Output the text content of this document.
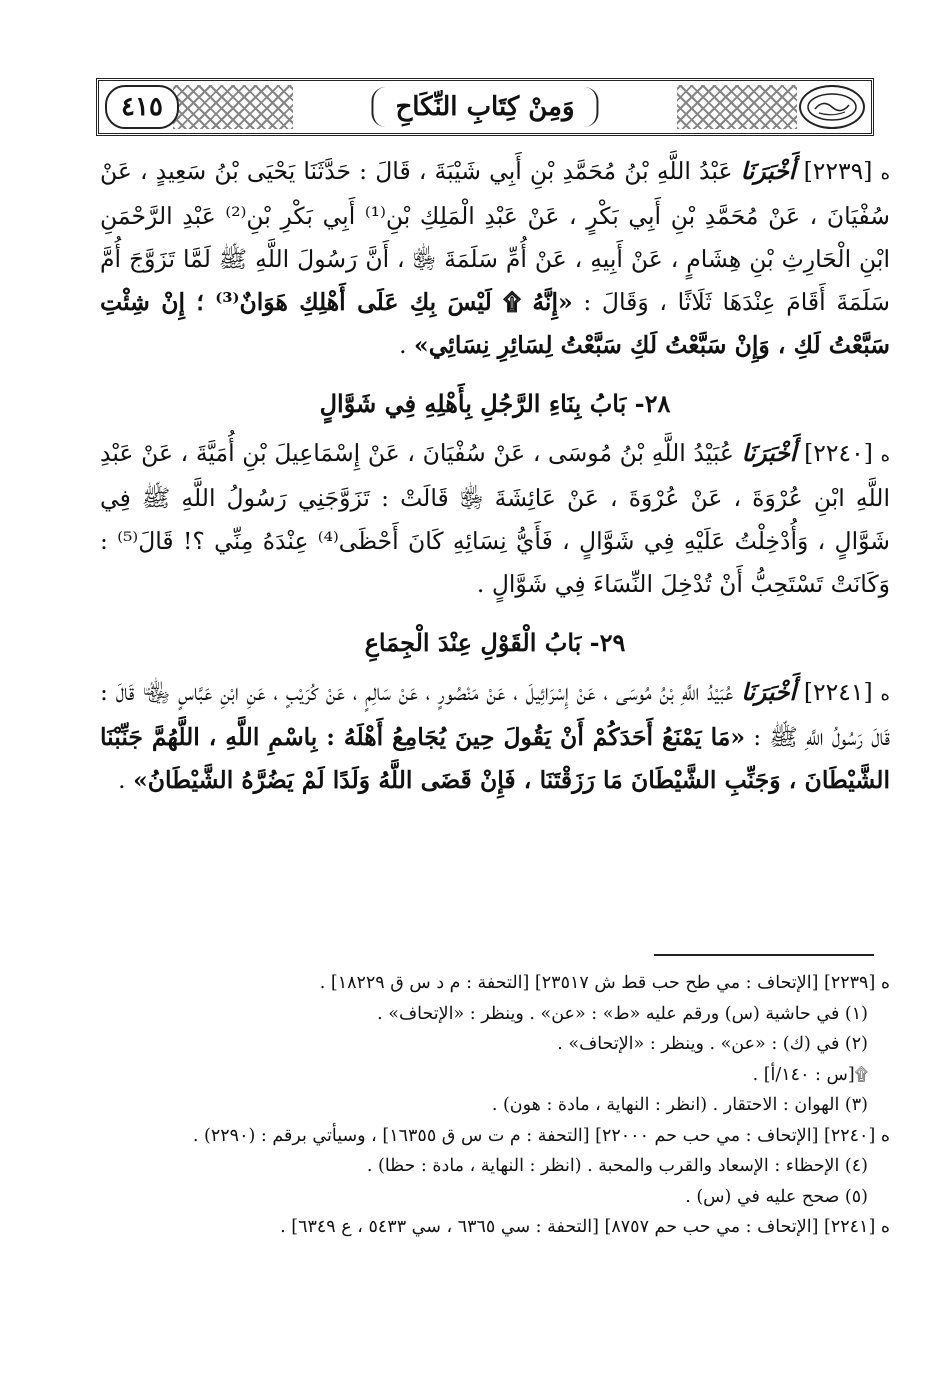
٤١٥	وَمِنْ كِتَابِ النِّكَاحِ

ه [٢٢٣٩] أَخْبَرَنَا عَبْدُ اللَّهِ بْنُ مُحَمَّدِ بْنِ أَبِي شَيْبَةَ ، قَالَ : حَدَّثَنَا يَحْيَى بْنُ سَعِيدٍ ، عَنْ سُفْيَانَ ، عَنْ مُحَمَّدِ بْنِ أَبِي بَكْرٍ ، عَنْ عَبْدِ الْمَلِكِ بْنِ⁽¹⁾ أَبِي بَكْرِ بْنِ⁽²⁾ عَبْدِ الرَّحْمَنِ ابْنِ الْحَارِثِ بْنِ هِشَامٍ ، عَنْ أَبِيهِ ، عَنْ أُمِّ سَلَمَةَ ﵂ ، أَنَّ رَسُولَ اللَّهِ ﷺ لَمَّا تَزَوَّجَ أُمَّ سَلَمَةَ أَقَامَ عِنْدَهَا ثَلَاثًا ، وَقَالَ : «إِنَّهُ ۩ لَيْسَ بِكِ عَلَى أَهْلِكِ هَوَانٌ⁽³⁾ ؛ إِنْ شِئْتِ سَبَّعْتُ لَكِ ، وَإِنْ سَبَّعْتُ لَكِ سَبَّعْتُ لِسَائِرِ نِسَائِي» .

٢٨- بَابُ بِنَاءِ الرَّجُلِ بِأَهْلِهِ فِي شَوَّالٍ

ه [٢٢٤٠] أَخْبَرَنَا عُبَيْدُ اللَّهِ بْنُ مُوسَى ، عَنْ سُفْيَانَ ، عَنْ إِسْمَاعِيلَ بْنِ أُمَيَّةَ ، عَنْ عَبْدِ اللَّهِ ابْنِ عُرْوَةَ ، عَنْ عُرْوَةَ ، عَنْ عَائِشَةَ ﵂ قَالَتْ : تَزَوَّجَنِي رَسُولُ اللَّهِ ﷺ فِي شَوَّالٍ ، وَأُدْخِلْتُ عَلَيْهِ فِي شَوَّالٍ ، فَأَيُّ نِسَائِهِ كَانَ أَحْظَى⁽⁴⁾ عِنْدَهُ مِنِّي ؟! قَالَ⁽⁵⁾ : وَكَانَتْ تَسْتَحِبُّ أَنْ تُدْخِلَ النِّسَاءَ فِي شَوَّالٍ .

٢٩- بَابُ الْقَوْلِ عِنْدَ الْجِمَاعِ

ه [٢٢٤١] أَخْبَرَنَا عُبَيْدُ اللَّهِ بْنُ مُوسَى ، عَنْ إِسْرَائِيلَ ، عَنْ مَنْصُورٍ ، عَنْ سَالِمٍ ، عَنْ كُرَيْبٍ ، عَنِ ابْنِ عَبَّاسٍ ﵄ قَالَ : قَالَ رَسُولُ اللَّهِ ﷺ : «مَا يَمْنَعُ أَحَدَكُمْ أَنْ يَقُولَ حِينَ يُجَامِعُ أَهْلَهُ : بِاسْمِ اللَّهِ ، اللَّهُمَّ جَنِّبْنَا الشَّيْطَانَ ، وَجَنِّبِ الشَّيْطَانَ مَا رَزَقْتَنَا ، فَإِنْ قَضَى اللَّهُ وَلَدًا لَمْ يَضُرَّهُ الشَّيْطَانُ» .

ه [٢٢٣٩] [الإتحاف : مي طح حب قط ش ٢٣٥١٧] [التحفة : م د س ق ١٨٢٢٩] .

(١) في حاشية (س) ورقم عليه «ط» : «عن» . وينظر : «الإتحاف» .

(٢) في (ك) : «عن» . وينظر : «الإتحاف» .

۩[س : ١٤٠/أ] .

(٣) الهوان : الاحتقار . (انظر : النهاية ، مادة : هون) .

ه [٢٢٤٠] [الإتحاف : مي حب حم ٢٢٠٠٠] [التحفة : م ت س ق ١٦٣٥٥] ، وسيأتي برقم : (٢٢٩٠) .

(٤) الإحظاء : الإسعاد والقرب والمحبة . (انظر : النهاية ، مادة : حظا) .

(٥) صحح عليه في (س) .

ه [٢٢٤١] [الإتحاف : مي حب حم ٨٧٥٧] [التحفة : سي ٦٣٦٥ ، سي ٥٤٣٣ ، ع ٦٣٤٩] .
